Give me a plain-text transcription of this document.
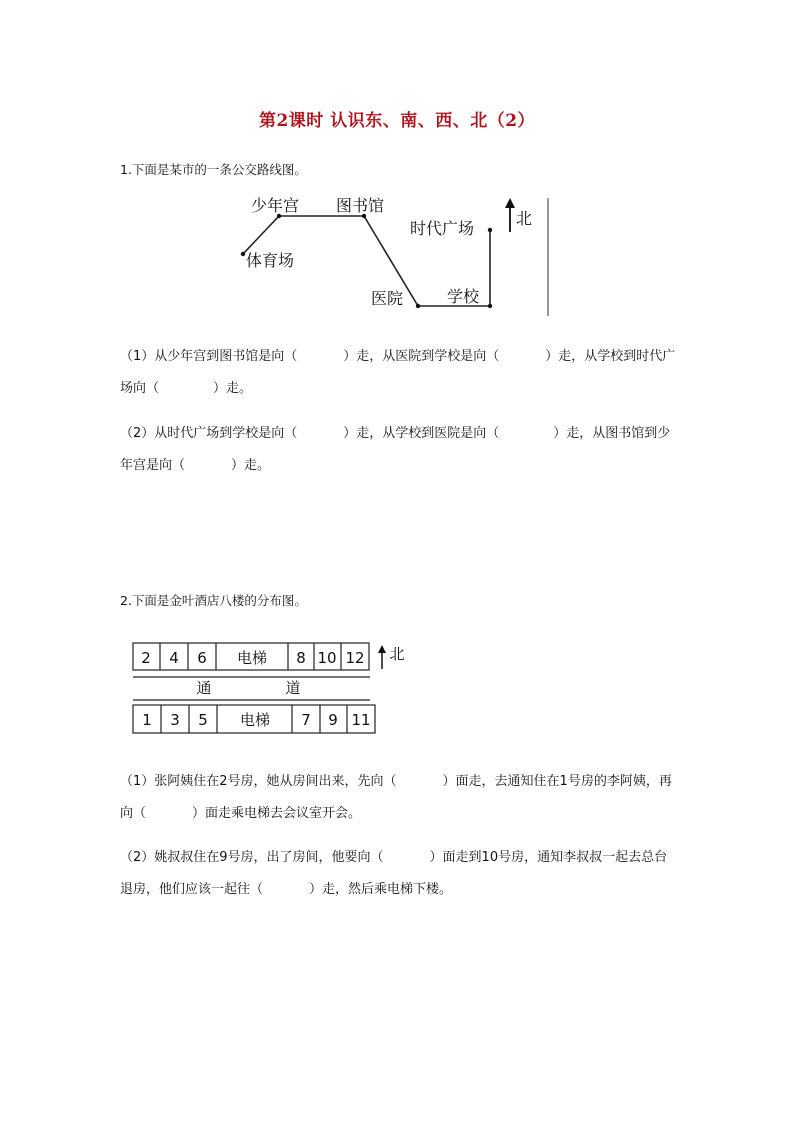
第2课时 认识东、南、西、北（2）
1.下面是某市的一条公交路线图。
少年宫 图书馆
时代广场
体育场
医院	学校
北
（1）从少年宫到图书馆是向（	）走，从医院到学校是向（	）走，从学校到时代广场向（	）走。
（2）从时代广场到学校是向（	）走，从学校到医院是向（	）走，从图书馆到少年宫是向（	）走。
2.下面是金叶酒店八楼的分布图。
2 4 6 电梯 8 10 12
通	道
1 3 5 电梯 7 9 11
北
（1）张阿姨住在2号房，她从房间出来，先向（	）面走，去通知住在1号房的李阿姨，再向（	）面走乘电梯去会议室开会。
（2）姚叔叔住在9号房，出了房间，他要向（	）面走到10号房，通知李叔叔一起去总台退房，他们应该一起往（	）走，然后乘电梯下楼。
